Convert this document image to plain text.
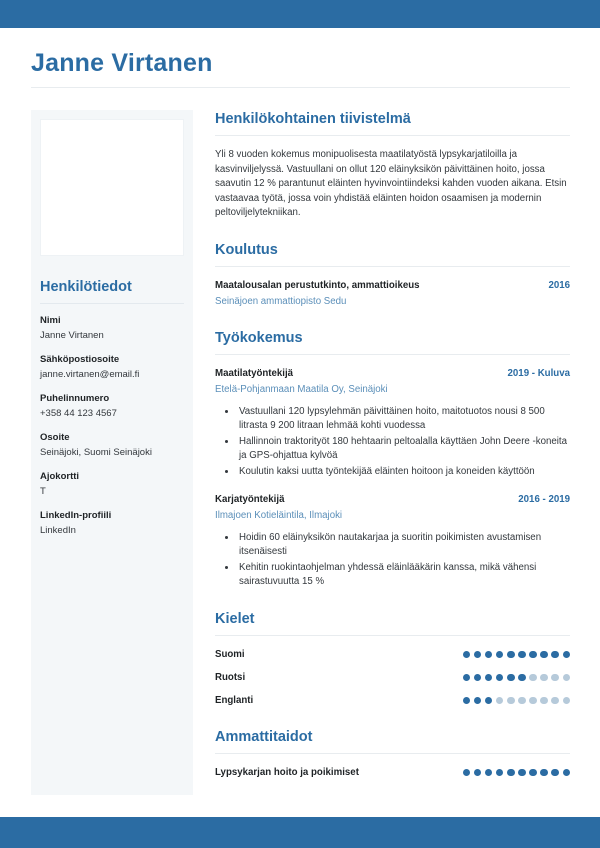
Janne Virtanen
Henkilötiedot
Nimi
Janne Virtanen
Sähköpostiosoite
janne.virtanen@email.fi
Puhelinnumero
+358 44 123 4567
Osoite
Seinäjoki, Suomi Seinäjoki
Ajokortti
T
LinkedIn-profiili
LinkedIn
Henkilökohtainen tiivistelmä

Yli 8 vuoden kokemus monipuolisesta maatilatyöstä lypsykarjatiloilla ja kasvinviljelyssä. Vastuullani on ollut 120 eläinyksikön päivittäinen hoito, jossa saavutin 12 % parantunut eläinten hyvinvointiindeksi kahden vuoden aikana. Etsin vastaavaa työtä, jossa voin yhdistää eläinten hoidon osaamisen ja modernin peltoviljelytekniikan.

Koulutus
Maatalousalan perustutkinto, ammattioikeus	2016
Seinäjoen ammattiopisto Sedu
Työkokemus
Maatilatyöntekijä	2019 - Kuluva
Etelä-Pohjanmaan Maatila Oy, Seinäjoki
• Vastuullani 120 lypsylehmän päivittäinen hoito, maitotuotos nousi 8 500 litrasta 9 200 litraan lehmää kohti vuodessa
• Hallinnoin traktorityöt 180 hehtaarin peltoalalla käyttäen John Deere -koneita ja GPS-ohjattua kylvöä
• Koulutin kaksi uutta työntekijää eläinten hoitoon ja koneiden käyttöön
Karjatyöntekijä	2016 - 2019
Ilmajoen Kotieläintila, Ilmajoki
• Hoidin 60 eläinyksikön nautakarjaa ja suoritin poikimisten avustamisen itsenäisesti
• Kehitin ruokintaohjelman yhdessä eläinlääkärin kanssa, mikä vähensi sairastuvuutta 15 %
Kielet
Suomi
Ruotsi
Englanti
Ammattitaidot
Lypsykarjan hoito ja poikimiset
